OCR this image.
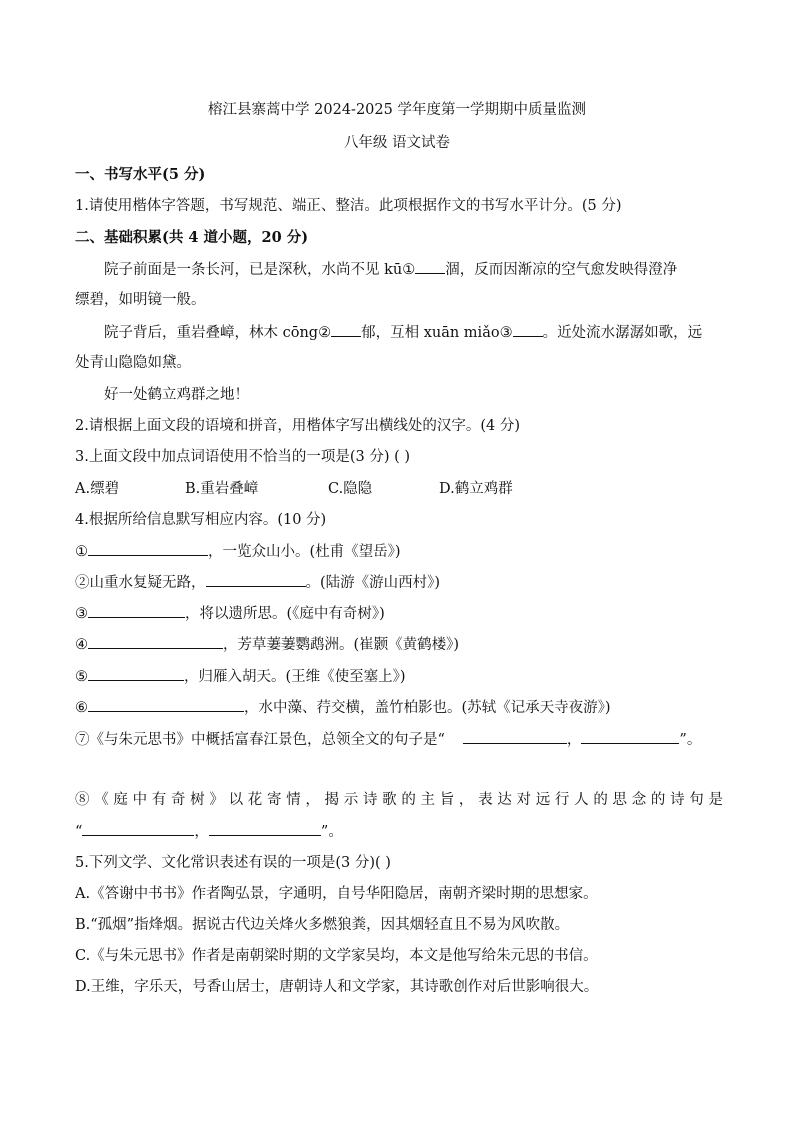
榕江县寨蒿中学 2024-2025 学年度第一学期期中质量监测
八年级 语文试卷
一、书写水平(5 分)
1.请使用楷体字答题，书写规范、端正、整洁。此项根据作文的书写水平计分。(5 分)
二、基础积累(共 4 道小题，20 分)
院子前面是一条长河，已是深秋，水尚不见 kū① 涸，反而因渐凉的空气愈发映得澄净
缥碧，如明镜一般。
院子背后，重岩叠嶂，林木 cōng② 郁，互相 xuān miǎo③ 。近处流水潺潺如歌，远
处青山隐隐如黛。
好一处鹤立鸡群之地！
2.请根据上面文段的语境和拼音，用楷体字写出横线处的汉字。(4 分)
3.上面文段中加点词语使用不恰当的一项是(3 分) ( )
A.缥碧	B.重岩叠嶂	C.隐隐	D.鹤立鸡群
4.根据所给信息默写相应内容。(10 分)
①	，一览众山小。(杜甫《望岳》)
②山重水复疑无路，	。(陆游《游山西村》)
③	，将以遗所思。(《庭中有奇树》)
④	，芳草萋萋鹦鹉洲。(崔颢《黄鹤楼》)
⑤	，归雁入胡天。(王维《使至塞上》)
⑥	，水中藻、荇交横，盖竹柏影也。(苏轼《记承天寺夜游》)
⑦《与朱元思书》中概括富春江景色，总领全文的句子是“	，	”。
⑧《庭中有奇树》以花寄情，揭示诗歌的主旨，表达对远行人的思念的诗句是
“	，	”。
5.下列文学、文化常识表述有误的一项是(3 分)( )
A.《答谢中书书》作者陶弘景，字通明，自号华阳隐居，南朝齐梁时期的思想家。
B.“孤烟”指烽烟。据说古代边关烽火多燃狼粪，因其烟轻直且不易为风吹散。
C.《与朱元思书》作者是南朝梁时期的文学家吴均，本文是他写给朱元思的书信。
D.王维，字乐天，号香山居士，唐朝诗人和文学家，其诗歌创作对后世影响很大。
